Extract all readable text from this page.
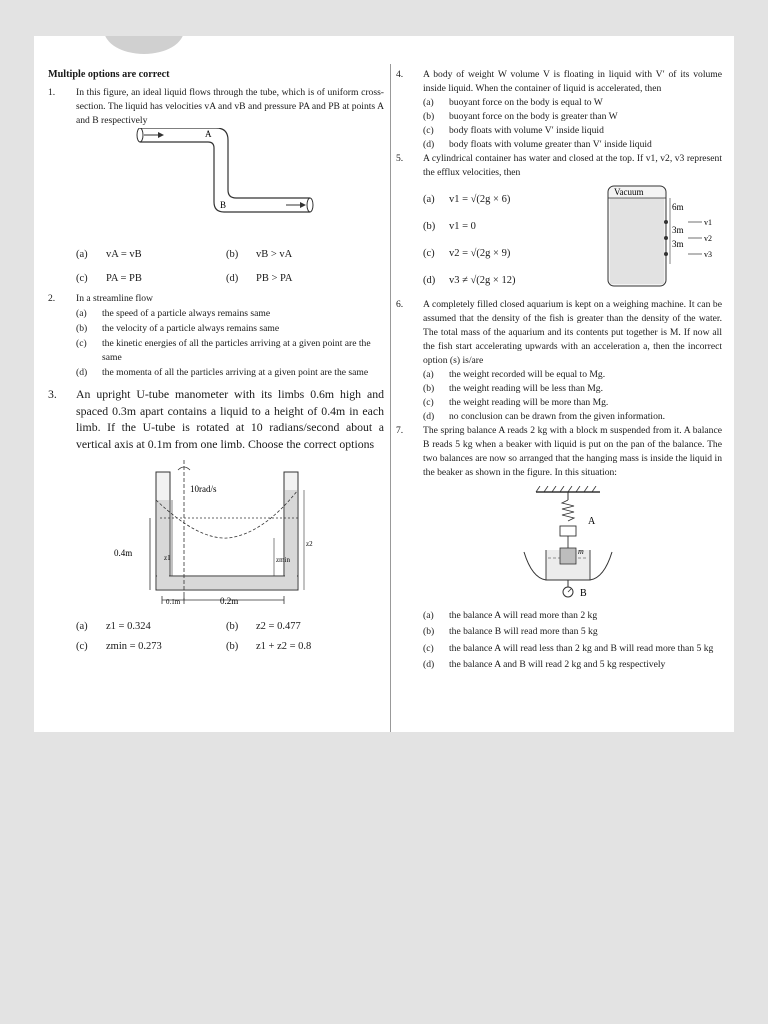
Multiple options are correct
1.	In this figure, an ideal liquid flows through the tube, which is of uniform cross-section. The liquid has velocities vA and vB and pressure PA and PB at points A and B respectively
A
B
(a)	vA = vB	(b)	vB > vA
(c)	PA = PB	(d)	PB > PA
2.	In a streamline flow
(a)	the speed of a particle always remains same
(b)	the velocity of a particle always remains same
(c)	the kinetic energies of all the particles arriving at a given point are the same
(d)	the momenta of all the particles arriving at a given point are the same
3.	An upright U-tube manometer with its limbs 0.6m high and spaced 0.3m apart contains a liquid to a height of 0.4m in each limb. If the U-tube is rotated at 10 radians/second about a vertical axis at 0.1m from one limb. Choose the correct options
10rad/s
0.4m	z1
z2
zmin
0.1m	0.2m
(a)	z1 = 0.324	(b)	z2 = 0.477
(c)	zmin = 0.273	(b)	z1 + z2 = 0.8
4.	A body of weight W volume V is floating in liquid with V′ of its volume inside liquid. When the container of liquid is accelerated, then
(a)	buoyant force on the body is equal to W
(b)	buoyant force on the body is greater than W
(c)	body floats with volume V′ inside liquid
(d)	body floats with volume greater than V′ inside liquid
5.	A cylindrical container has water and closed at the top. If v1, v2, v3 represent the efflux velocities, then
(a)	v1 = √(2g × 6)
(b)	v1 = 0
(c)	v2 = √(2g × 9)
(d)	v3 ≠ √(2g × 12)
Vacuum
6m
3m
3m
v1
v2
v3
6.	A completely filled closed aquarium is kept on a weighing machine. It can be assumed that the density of the fish is greater than the density of the water. The total mass of the aquarium and its contents put together is M. If now all the fish start accelerating upwards with an acceleration a, then the incorrect option (s) is/are
(a)	the weight recorded will be equal to Mg.
(b)	the weight reading will be less than Mg.
(c)	the weight reading will be more than Mg.
(d)	no conclusion can be drawn from the given information.
7.	The spring balance A reads 2 kg with a block m suspended from it. A balance B reads 5 kg when a beaker with liquid is put on the pan of the balance. The two balances are now so arranged that the hanging mass is inside the liquid in the beaker as shown in the figure. In this situation:
A
m
B
(a)	the balance A will read more than 2 kg
(b)	the balance B will read more than 5 kg
(c)	the balance A will read less than 2 kg and B will read more than 5 kg
(d)	the balance A and B will read 2 kg and 5 kg respectively
